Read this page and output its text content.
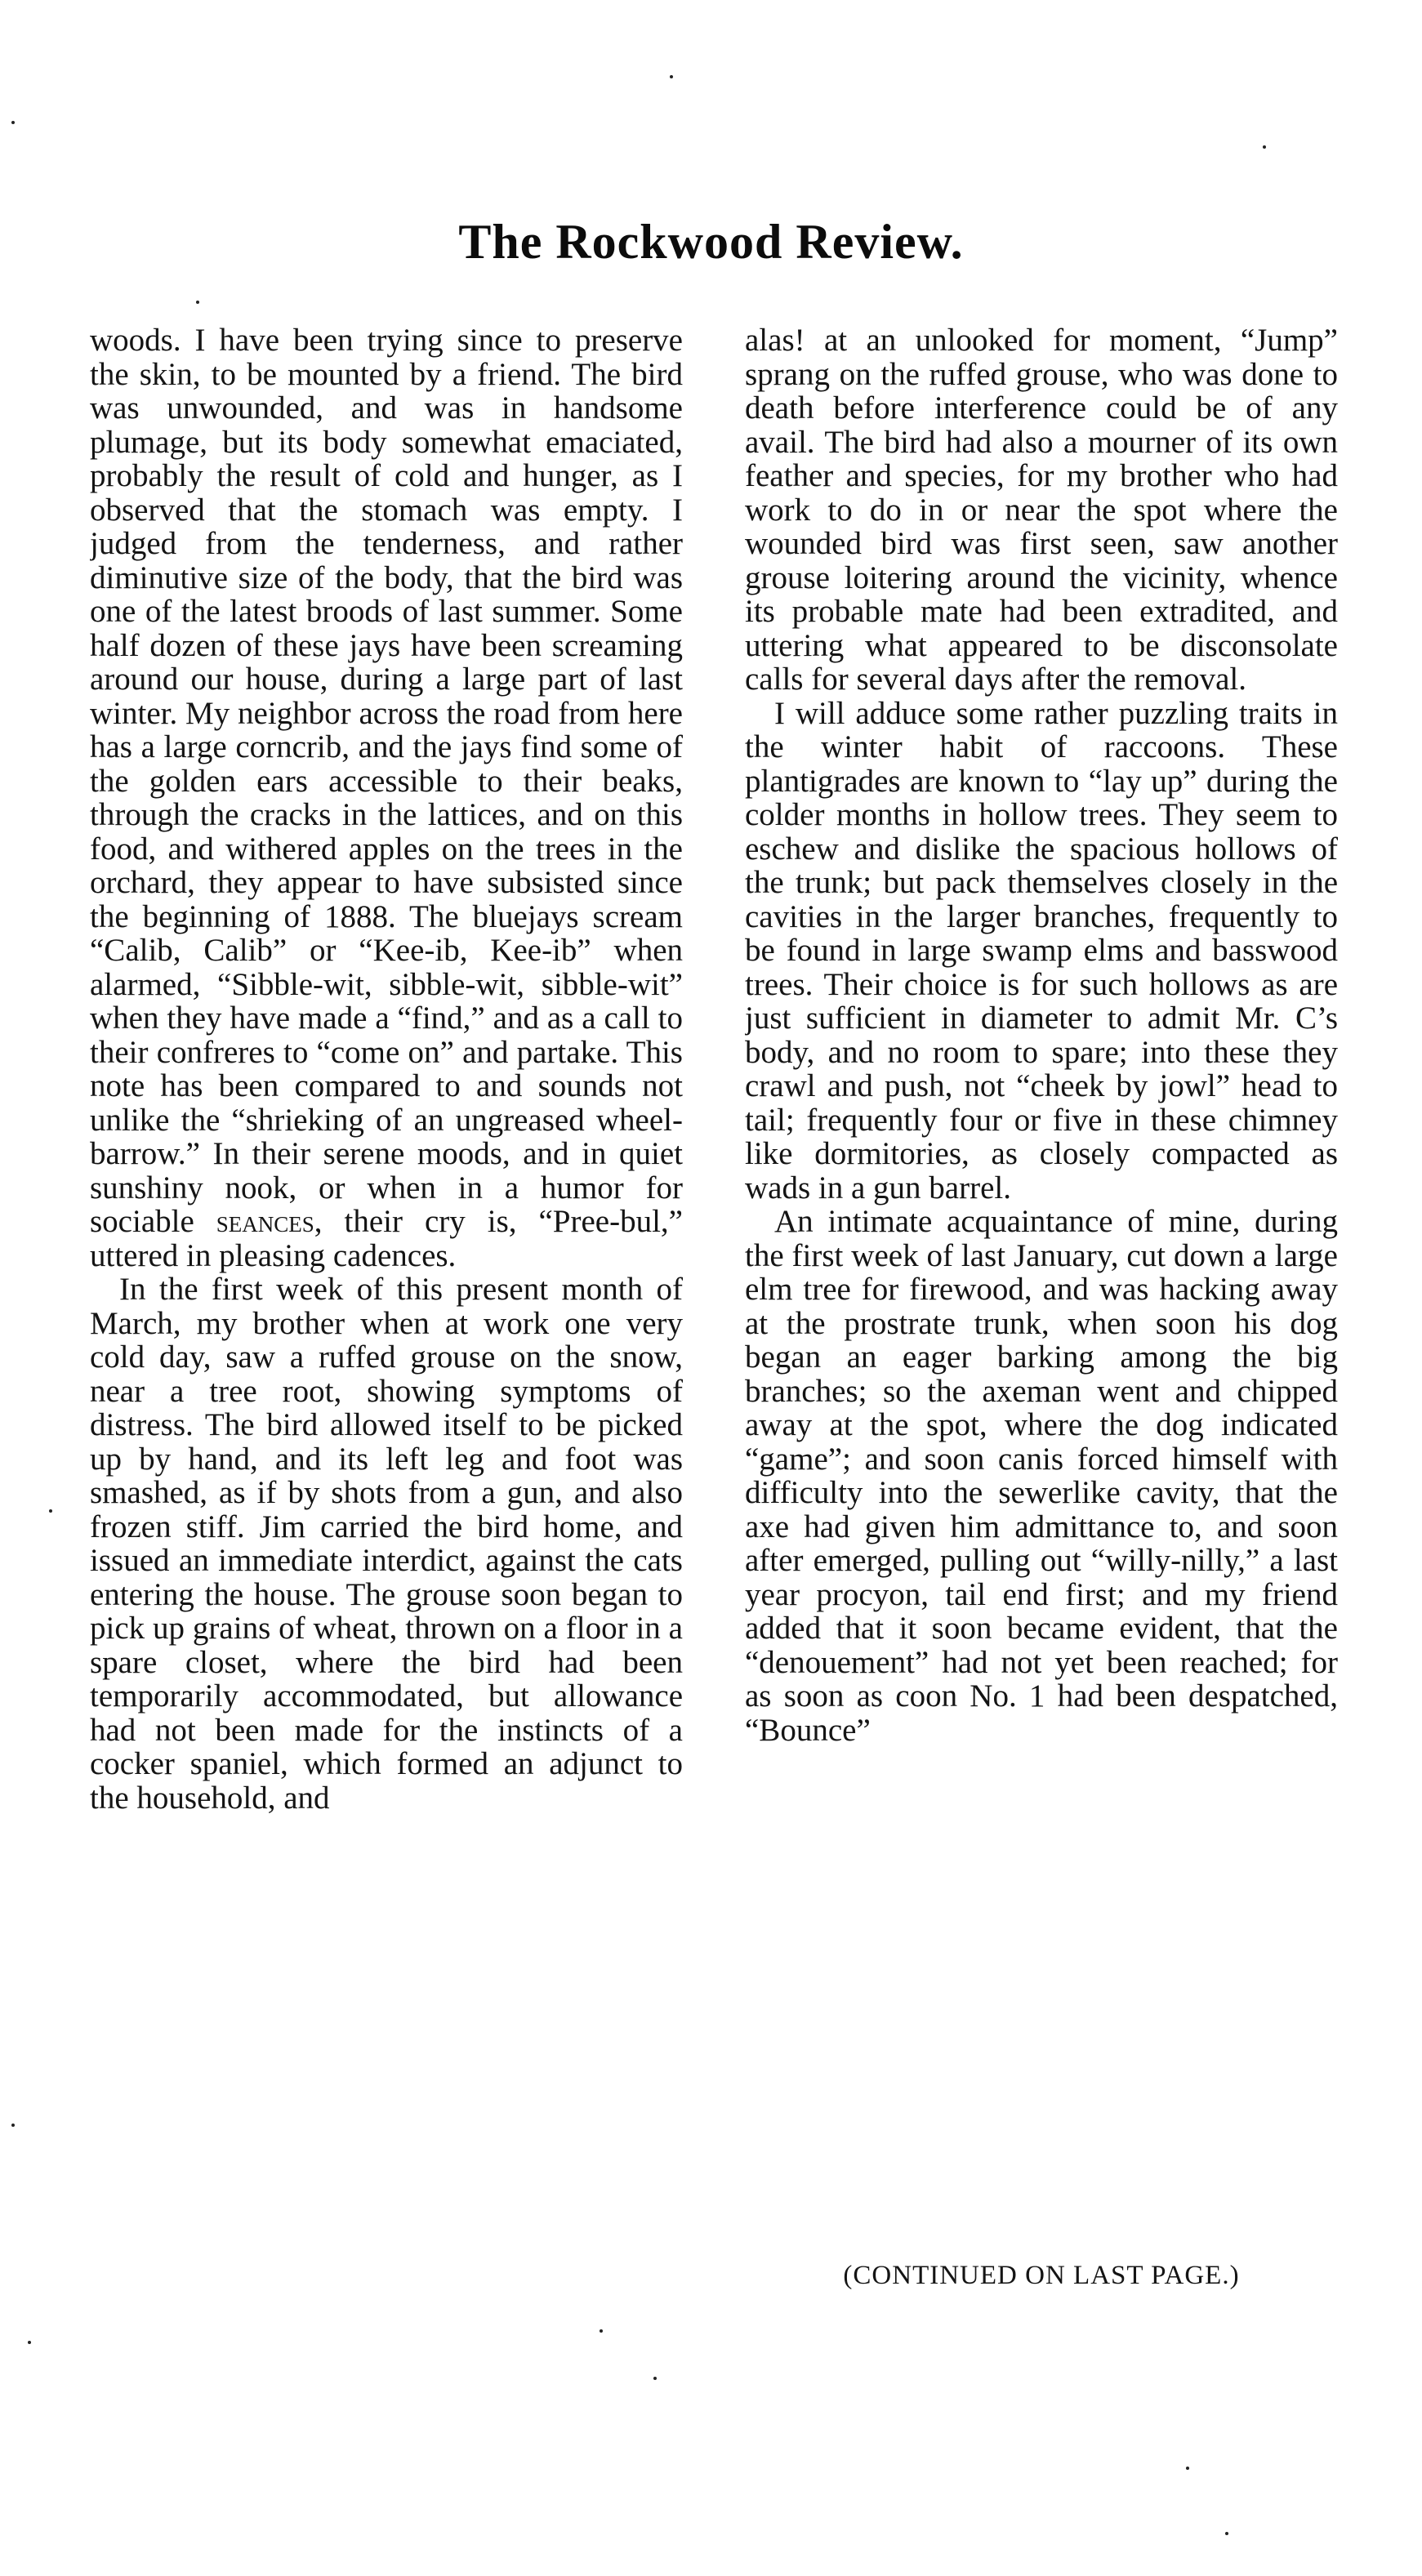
The Rockwood Review.

woods. I have been trying since to preserve the skin, to be mounted by a friend. The bird was unwounded, and was in handsome plumage, but its body somewhat emaciated, probably the result of cold and hunger, as I observed that the stomach was empty. I judged from the tenderness, and rather diminutive size of the body, that the bird was one of the latest broods of last summer. Some half dozen of these jays have been screaming around our house, during a large part of last winter. My neighbor across the road from here has a large corncrib, and the jays find some of the golden ears accessible to their beaks, through the cracks in the lattices, and on this food, and withered apples on the trees in the orchard, they appear to have subsisted since the beginning of 1888. The bluejays scream “Calib, Calib” or “Kee-ib, Kee-ib” when alarmed, “Sibble-wit, sibble-wit, sibble-wit” when they have made a “find,” and as a call to their confreres to “come on” and partake. This note has been compared to and sounds not unlike the “shrieking of an ungreased wheel-barrow.” In their serene moods, and in quiet sunshiny nook, or when in a humor for sociable seances, their cry is, “Pree-bul,” uttered in pleasing cadences.

In the first week of this present month of March, my brother when at work one very cold day, saw a ruffed grouse on the snow, near a tree root, showing symptoms of distress. The bird allowed itself to be picked up by hand, and its left leg and foot was smashed, as if by shots from a gun, and also frozen stiff. Jim carried the bird home, and issued an immediate interdict, against the cats entering the house. The grouse soon began to pick up grains of wheat, thrown on a floor in a spare closet, where the bird had been temporarily accommodated, but allowance had not been made for the instincts of a cocker spaniel, which formed an adjunct to the household, and

alas! at an unlooked for moment, “Jump” sprang on the ruffed grouse, who was done to death before interference could be of any avail. The bird had also a mourner of its own feather and species, for my brother who had work to do in or near the spot where the wounded bird was first seen, saw another grouse loitering around the vicinity, whence its probable mate had been extradited, and uttering what appeared to be disconsolate calls for several days after the removal.

I will adduce some rather puzzling traits in the winter habit of raccoons. These plantigrades are known to “lay up” during the colder months in hollow trees. They seem to eschew and dislike the spacious hollows of the trunk; but pack themselves closely in the cavities in the larger branches, frequently to be found in large swamp elms and basswood trees. Their choice is for such hollows as are just sufficient in diameter to admit Mr. C’s body, and no room to spare; into these they crawl and push, not “cheek by jowl” head to tail; frequently four or five in these chimney like dormitories, as closely compacted as wads in a gun barrel.

An intimate acquaintance of mine, during the first week of last January, cut down a large elm tree for firewood, and was hacking away at the prostrate trunk, when soon his dog began an eager barking among the big branches; so the axeman went and chipped away at the spot, where the dog indicated “game”; and soon canis forced himself with difficulty into the sewerlike cavity, that the axe had given him admittance to, and soon after emerged, pulling out “willy-nilly,” a last year procyon, tail end first; and my friend added that it soon became evident, that the “denouement” had not yet been reached; for as soon as coon No. 1 had been despatched, “Bounce”

(CONTINUED ON LAST PAGE.)
